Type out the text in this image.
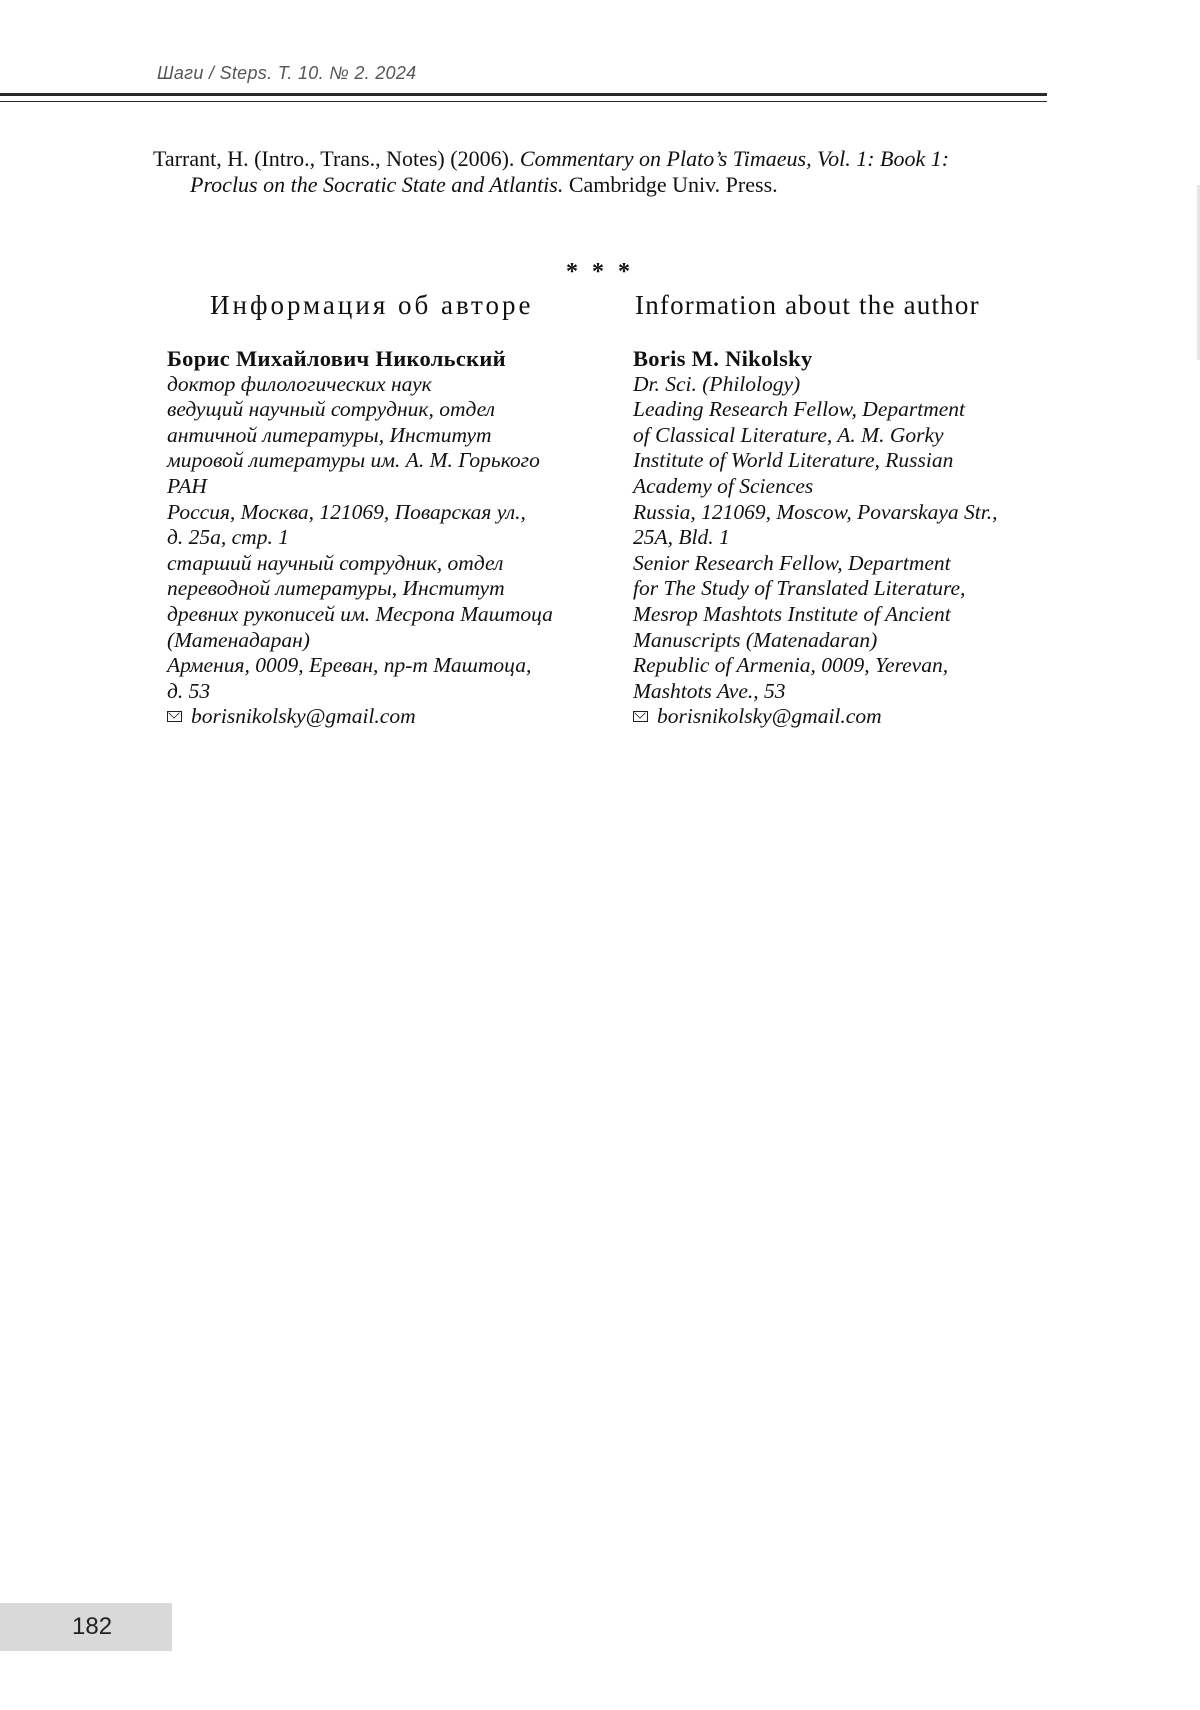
Шаги / Steps. Т. 10. № 2. 2024
Tarrant, H. (Intro., Trans., Notes) (2006). Commentary on Plato’s Timaeus, Vol. 1: Book 1:
Proclus on the Socratic State and Atlantis. Cambridge Univ. Press.
* * *
Информация об авторе	Information about the author
Борис Михайлович Никольский
доктор филологических наук
ведущий научный сотрудник, отдел
античной литературы, Институт
мировой литературы им. А. М. Горького
РАН
Россия, Москва, 121069, Поварская ул.,
д. 25а, стр. 1
старший научный сотрудник, отдел
переводной литературы, Институт
древних рукописей им. Месропа Маштоца
(Матенадаран)
Армения, 0009, Ереван, пр-т Маштоца,
д. 53
borisnikolsky@gmail.com
Boris M. Nikolsky
Dr. Sci. (Philology)
Leading Research Fellow, Department
of Classical Literature, A. M. Gorky
Institute of World Literature, Russian
Academy of Sciences
Russia, 121069, Moscow, Povarskaya Str.,
25A, Bld. 1
Senior Research Fellow, Department
for The Study of Translated Literature,
Mesrop Mashtots Institute of Ancient
Manuscripts (Matenadaran)
Republic of Armenia, 0009, Yerevan,
Mashtots Ave., 53
borisnikolsky@gmail.com
182
